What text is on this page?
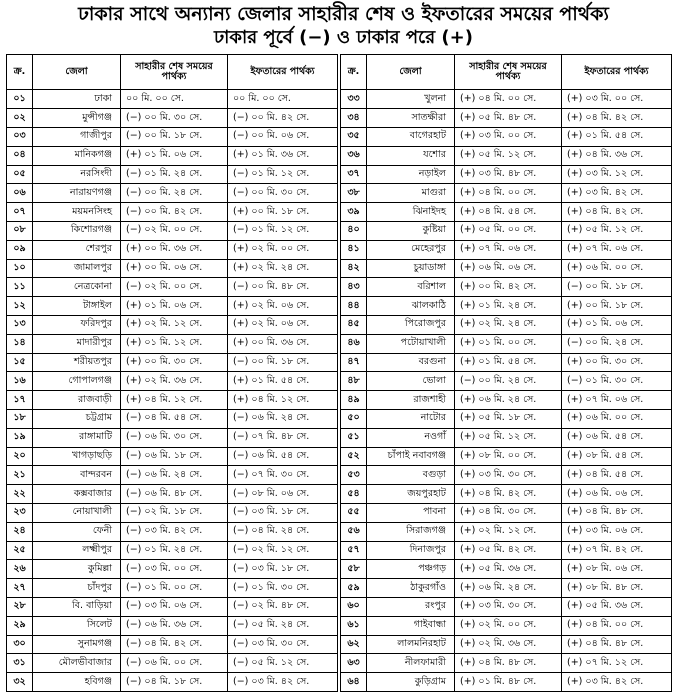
ঢাকার সাথে অন্যান্য জেলার সাহারীর শেষ ও ইফতারের সময়ের পার্থক্য
ঢাকার পূর্বে (−) ও ঢাকার পরে (+)
ক্র.	জেলা	সাহারীর শেষ সময়ের পার্থক্য	ইফতারের পার্থক্য
০১	ঢাকা	০০ মি. ০০ সে.	০০ মি. ০০ সে.
০২	মুন্সীগঞ্জ	(−) ০০ মি. ৩০ সে.	(−) ০০ মি. ৪২ সে.
০৩	গাজীপুর	(−) ০০ মি. ১৮ সে.	(−) ০০ মি. ০৬ সে.
০৪	মানিকগঞ্জ	(+) ০১ মি. ০৬ সে.	(+) ০১ মি. ৩৬ সে.
০৫	নরসিংদী	(−) ০১ মি. ২৪ সে.	(−) ০১ মি. ১২ সে.
০৬	নারায়ণগঞ্জ	(−) ০০ মি. ২৪ সে.	(−) ০০ মি. ৩০ সে.
০৭	ময়মনসিংহ	(−) ০০ মি. ৪২ সে.	(+) ০০ মি. ১৮ সে.
০৮	কিশোরগঞ্জ	(−) ০২ মি. ০০ সে.	(−) ০১ মি. ১২ সে.
০৯	শেরপুর	(+) ০০ মি. ৩৬ সে.	(+) ০২ মি. ০০ সে.
১০	জামালপুর	(+) ০০ মি. ০৬ সে.	(+) ০২ মি. ২৪ সে.
১১	নেত্রকোনা	(−) ০২ মি. ০০ সে.	(−) ০০ মি. ৪৮ সে.
১২	টাঙ্গাইল	(+) ০১ মি. ০৬ সে.	(+) ০২ মি. ০৬ সে.
১৩	ফরিদপুর	(+) ০২ মি. ১২ সে.	(+) ০২ মি. ০৬ সে.
১৪	মাদারীপুর	(+) ০১ মি. ১২ সে.	(+) ০০ মি. ৩৬ সে.
১৫	শরীয়তপুর	(+) ০০ মি. ৩০ সে.	(−) ০০ মি. ১৮ সে.
১৬	গোপালগঞ্জ	(+) ০২ মি. ৩৬ সে.	(+) ০১ মি. ৫৪ সে.
১৭	রাজবাড়ী	(+) ০৪ মি. ১২ সে.	(+) ০৪ মি. ১২ সে.
১৮	চট্টগ্রাম	(−) ০৪ মি. ৫৪ সে.	(−) ০৬ মি. ২৪ সে.
১৯	রাঙ্গামাটি	(−) ০৬ মি. ৩০ সে.	(−) ০৭ মি. ৪৮ সে.
২০	খাগড়াছড়ি	(−) ০৬ মি. ১৮ সে.	(−) ০৬ মি. ৫৪ সে.
২১	বান্দরবন	(−) ০৬ মি. ২৪ সে.	(−) ০৭ মি. ৩০ সে.
২২	কক্সবাজার	(−) ০৬ মি. ৪৮ সে.	(−) ০৮ মি. ০৬ সে.
২৩	নোয়াখালী	(−) ০২ মি. ১৮ সে.	(−) ০৩ মি. ১৮ সে.
২৪	ফেনী	(−) ০৩ মি. ৪২ সে.	(−) ০৪ মি. ২৪ সে.
২৫	লক্ষ্মীপুর	(−) ০১ মি. ২৪ সে.	(−) ০২ মি. ১২ সে.
২৬	কুমিল্লা	(−) ০৩ মি. ০০ সে.	(−) ০৩ মি. ১৮ সে.
২৭	চাঁদপুর	(−) ০১ মি. ০০ সে.	(−) ০১ মি. ৩০ সে.
২৮	বি. বাড়িয়া	(−) ০৩ মি. ০৬ সে.	(−) ০২ মি. ৪৮ সে.
২৯	সিলেট	(−) ০৬ মি. ৩৬ সে.	(−) ০৫ মি. ২৪ সে.
৩০	সুনামগঞ্জ	(−) ০৪ মি. ৪২ সে.	(−) ০৩ মি. ৩০ সে.
৩১	মৌলভীবাজার	(−) ০৬ মি. ০০ সে.	(−) ০৫ মি. ১২ সে.
৩২	হবিগঞ্জ	(−) ০৪ মি. ১৮ সে.	(−) ০৩ মি. ৪২ সে.
ক্র.	জেলা	সাহারীর শেষ সময়ের পার্থক্য	ইফতারের পার্থক্য
৩৩	খুলনা	(+) ০৪ মি. ০০ সে.	(+) ০৩ মি. ০০ সে.
৩৪	সাতক্ষীরা	(+) ০৫ মি. ৪৮ সে.	(+) ০৪ মি. ৪২ সে.
৩৫	বাগেরহাট	(+) ০৩ মি. ০০ সে.	(+) ০১ মি. ৫৪ সে.
৩৬	যশোর	(+) ০৫ মি. ১২ সে.	(+) ০৪ মি. ৩৬ সে.
৩৭	নড়াইল	(+) ০৩ মি. ৪৮ সে.	(+) ০৩ মি. ১২ সে.
৩৮	মাগুরা	(+) ০৪ মি. ০০ সে.	(+) ০৩ মি. ৪২ সে.
৩৯	ঝিনাইদহ	(+) ০৪ মি. ৫৪ সে.	(+) ০৪ মি. ৪২ সে.
৪০	কুষ্টিয়া	(+) ০৫ মি. ০০ সে.	(+) ০৫ মি. ১২ সে.
৪১	মেহেরপুর	(+) ০৭ মি. ০৬ সে.	(+) ০৭ মি. ০৬ সে.
৪২	চুয়াডাঙ্গা	(+) ০৬ মি. ০৬ সে.	(+) ০৬ মি. ০০ সে.
৪৩	বরিশাল	(+) ০০ মি. ৪২ সে.	(−) ০০ মি. ১৮ সে.
৪৪	ঝালকাঠি	(+) ০১ মি. ২৪ সে.	(+) ০০ মি. ১৮ সে.
৪৫	পিরোজপুর	(+) ০২ মি. ২৪ সে.	(+) ০১ মি. ০৬ সে.
৪৬	পটোয়াখালী	(+) ০১ মি. ০০ সে.	(−) ০০ মি. ২৪ সে.
৪৭	বরগুনা	(+) ০১ মি. ৫৪ সে.	(+) ০০ মি. ৩০ সে.
৪৮	ভোলা	(−) ০০ মি. ২৪ সে.	(−) ০১ মি. ৩০ সে.
৪৯	রাজশাহী	(+) ০৬ মি. ২৪ সে.	(+) ০৭ মি. ০৬ সে.
৫০	নাটোর	(+) ০৫ মি. ১৮ সে.	(+) ০৬ মি. ০০ সে.
৫১	নওগাঁ	(+) ০৫ মি. ১২ সে.	(+) ০৬ মি. ৫৪ সে.
৫২	চাঁপাই নবাবগঞ্জ	(+) ০৮ মি. ০০ সে.	(+) ০৮ মি. ৫৪ সে.
৫৩	বগুড়া	(+) ০৩ মি. ৩০ সে.	(+) ০৪ মি. ৫৪ সে.
৫৪	জয়পুরহাট	(+) ০৪ মি. ৪২ সে.	(+) ০৬ মি. ০৬ সে.
৫৫	পাবনা	(+) ০৪ মি. ৩০ সে.	(+) ০৪ মি. ৪৮ সে.
৫৬	সিরাজগঞ্জ	(+) ০২ মি. ১২ সে.	(+) ০৩ মি. ০৬ সে.
৫৭	দিনাজপুর	(+) ০৫ মি. ৪২ সে.	(+) ০৭ মি. ৪২ সে.
৫৮	পঞ্চগড়	(+) ০৫ মি. ৩৬ সে.	(+) ০৮ মি. ০৬ সে.
৫৯	ঠাকুরগাঁও	(+) ০৬ মি. ২৪ সে.	(+) ০৮ মি. ৪৮ সে.
৬০	রংপুর	(+) ০৩ মি. ৩০ সে.	(+) ০৫ মি. ৩৬ সে.
৬১	গাইবান্ধা	(+) ০২ মি. ০০ সে.	(+) ০৪ মি. ০০ সে.
৬২	লালমনিরহাট	(+) ০২ মি. ৩৬ সে.	(+) ০৪ মি. ৪৮ সে.
৬৩	নীলফামারী	(+) ০৪ মি. ৪৮ সে.	(+) ০৭ মি. ১২ সে.
৬৪	কুড়িগ্রাম	(+) ০১ মি. ৪৮ সে.	(+) ০৩ মি. ৪২ সে.
